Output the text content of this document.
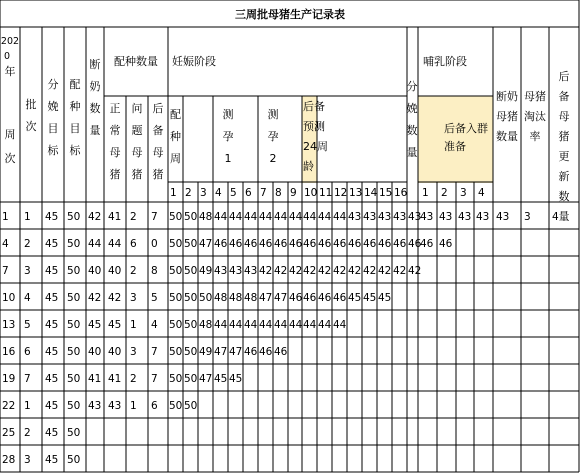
三周批母猪生产记录表
202
0
年
周
次
批
次
分
娩
目
标
配
种
目
标
断
奶
数
量
配种数量
正
常
母
猪
问
题
母
猪
后
备
母
猪
妊娠阶段
配
种
周
测
孕
1
测
孕
2
后备
预测
24周
龄
分
娩
数
量
哺乳阶段
后备入群
准备
断奶
母猪
数量
母猪
淘汰
率
后
备
母
猪
更
新
数
量
1 2 3 4 5 6 7 8 9 10 11 12 13 14 15 16 1 2 3 4
1 1 45 50 42 41 2 7 50 50 48 44 44 44 44 44 44 44 44 44 43 43 43 43 43
43 43 43 43 43 3 4
4 2 45 50 44 44 6 0 50 50 47 46 46 46 46 46 46 46 46 46 46 46 46 46 46
46 46
7 3 45 50 40 40 2 8 50 50 49 43 43 43 42 42 42 42 42 42 42 42 42 42 42
10 4 45 50 42 42 3 5 50 50 50 48 48 48 47 47 46 46 46 46 45 45 45
13 5 45 50 45 45 1 4 50 50 48 44 44 44 44 44 44 44 44 44
16 6 45 50 40 40 3 7 50 50 49 47 47 46 46 46
19 7 45 50 41 41 2 7 50 50 47 45 45
22 1 45 50 43 43 1 6 50 50
25 2 45 50
28 3 45 50
